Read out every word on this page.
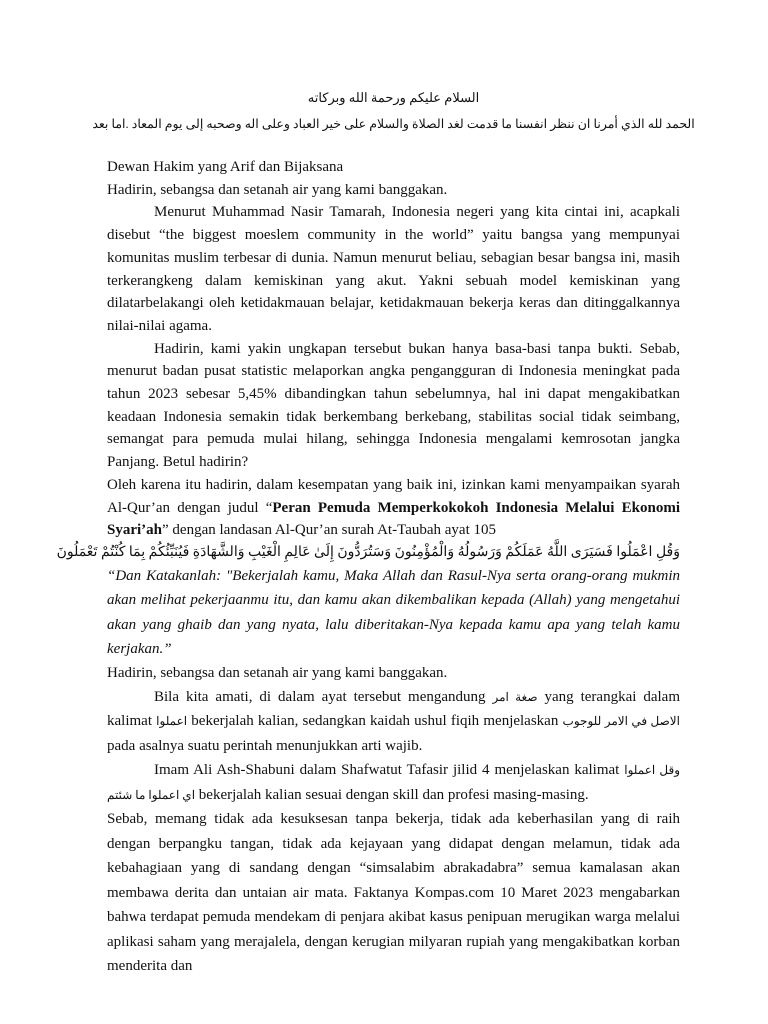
السلام عليكم ورحمة الله وبركاته
الحمد لله الذي أمرنا ان ننظر انفسنا ما قدمت لغد الصلاة والسلام على خير العباد وعلى اله وصحبه إلى يوم المعاد .اما بعد

Dewan Hakim yang Arif dan Bijaksana

Hadirin, sebangsa dan setanah air yang kami banggakan.

Menurut Muhammad Nasir Tamarah, Indonesia negeri yang kita cintai ini, acapkali disebut “the biggest moeslem community in the world” yaitu bangsa yang mempunyai komunitas muslim terbesar di dunia. Namun menurut beliau, sebagian besar bangsa ini, masih terkerangkeng dalam kemiskinan yang akut. Yakni sebuah model kemiskinan yang dilatarbelakangi oleh ketidakmauan belajar, ketidakmauan bekerja keras dan ditinggalkannya nilai-nilai agama.

Hadirin, kami yakin ungkapan tersebut bukan hanya basa-basi tanpa bukti. Sebab, menurut badan pusat statistic melaporkan angka pengangguran di Indonesia meningkat pada tahun 2023 sebesar 5,45% dibandingkan tahun sebelumnya, hal ini dapat mengakibatkan keadaan Indonesia semakin tidak berkembang berkebang, stabilitas social tidak seimbang, semangat para pemuda mulai hilang, sehingga Indonesia mengalami kemrosotan jangka Panjang. Betul hadirin?

Oleh karena itu hadirin, dalam kesempatan yang baik ini, izinkan kami menyampaikan syarah Al-Qur’an dengan judul “Peran Pemuda Memperkokokoh Indonesia Melalui Ekonomi Syari’ah” dengan landasan Al-Qur’an surah At-Taubah ayat 105

وَقُلِ اعْمَلُوا فَسَيَرَى اللَّهُ عَمَلَكُمْ وَرَسُولُهُ وَالْمُؤْمِنُونَ وَسَتُرَدُّونَ إِلَىٰ عَالِمِ الْغَيْبِ وَالشَّهَادَةِ فَيُنَبِّئُكُمْ بِمَا كُنْتُمْ تَعْمَلُونَ

“Dan Katakanlah: "Bekerjalah kamu, Maka Allah dan Rasul-Nya serta orang-orang mukmin akan melihat pekerjaanmu itu, dan kamu akan dikembalikan kepada (Allah) yang mengetahui akan yang ghaib dan yang nyata, lalu diberitakan-Nya kepada kamu apa yang telah kamu kerjakan.”

Hadirin, sebangsa dan setanah air yang kami banggakan.

Bila kita amati, di dalam ayat tersebut mengandung صغة امر yang terangkai dalam kalimat اعملوا bekerjalah kalian, sedangkan kaidah ushul fiqih menjelaskan الاصل في الامر للوجوب pada asalnya suatu perintah menunjukkan arti wajib.

Imam Ali Ash-Shabuni dalam Shafwatut Tafasir jilid 4 menjelaskan kalimat وقل اعملوا اي اعملوا ما شئتم bekerjalah kalian sesuai dengan skill dan profesi masing-masing.

Sebab, memang tidak ada kesuksesan tanpa bekerja, tidak ada keberhasilan yang di raih dengan berpangku tangan, tidak ada kejayaan yang didapat dengan melamun, tidak ada kebahagiaan yang di sandang dengan “simsalabim abrakadabra” semua kamalasan akan membawa derita dan untaian air mata. Faktanya Kompas.com 10 Maret 2023 mengabarkan bahwa terdapat pemuda mendekam di penjara akibat kasus penipuan merugikan warga melalui aplikasi saham yang merajalela, dengan kerugian milyaran rupiah yang mengakibatkan korban menderita dan
